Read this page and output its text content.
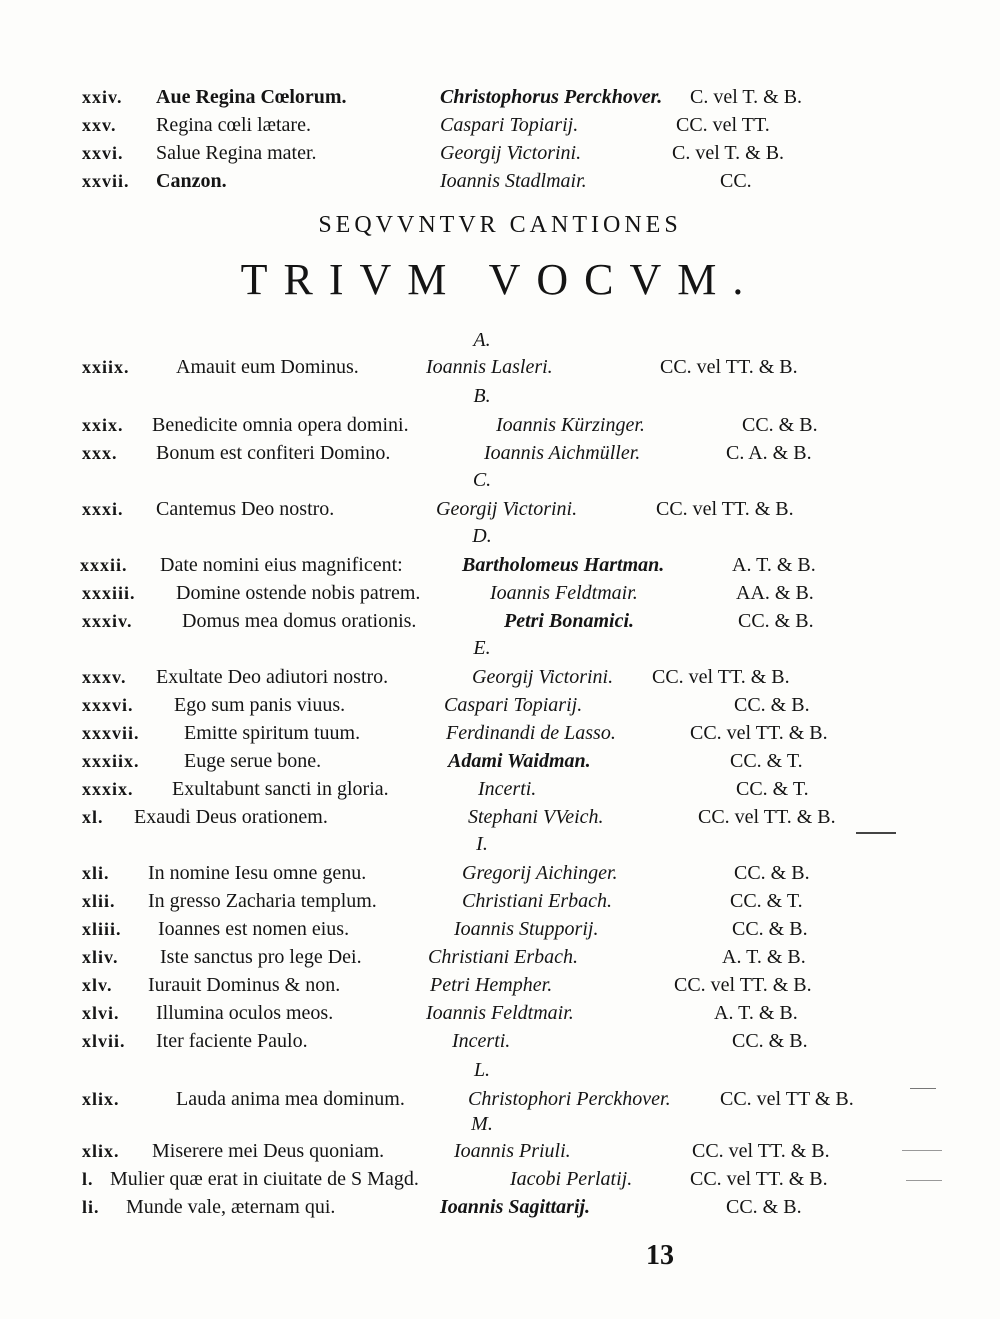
xxiv. Aue Regina Cœlorum.	Christophorus Perckhover. C. vel T. & B.
xxv. Regina cœli lætare.	Caspari Topiarij.	CC. vel TT.
xxvi. Salue Regina mater.	Georgij Victorini.	C. vel T. & B.
xxvii. Canzon.	Ioannis Stadlmair.	CC.
SEQVVNTVR CANTIONES
TRIVM VOCVM.
A.
xxiix. Amauit eum Dominus.	Ioannis Lasleri.	CC. vel TT. & B.
B.
xxix. Benedicite omnia opera domini.	Ioannis Kürzinger.	CC. & B.
xxx. Bonum est confiteri Domino.	Ioannis Aichmüller.	C. A. & B.
C.
xxxi. Cantemus Deo nostro.	Georgij Victorini.	CC. vel TT. & B.
D.
xxxii. Date nomini eius magnificent:	Bartholomeus Hartman.	A. T. & B.
xxxiii. Domine ostende nobis patrem.	Ioannis Feldtmair.	AA. & B.
xxxiv. Domus mea domus orationis.	Petri Bonamici.	CC. & B.
E.
xxxv. Exultate Deo adiutori nostro.	Georgij Victorini. CC. vel TT. & B.
xxxvi. Ego sum panis viuus.	Caspari Topiarij.	CC. & B.
xxxvii. Emitte spiritum tuum.	Ferdinandi de Lasso.	CC. vel TT. & B.
xxxiix. Euge serue bone.	Adami Waidman.	CC. & T.
xxxix. Exultabunt sancti in gloria.	Incerti.	CC. & T.
xl. Exaudi Deus orationem.	Stephani VVeich.	CC. vel TT. & B.
I.
xli. In nomine Iesu omne genu.	Gregorij Aichinger.	CC. & B.
xlii. In gresso Zacharia templum.	Christiani Erbach.	CC. & T.
xliii. Ioannes est nomen eius.	Ioannis Stupporij.	CC. & B.
xliv. Iste sanctus pro lege Dei.	Christiani Erbach.	A. T. & B.
xlv. Iurauit Dominus & non.	Petri Hempher.	CC. vel TT. & B.
xlvi. Illumina oculos meos.	Ioannis Feldtmair.	A. T. & B.
xlvii. Iter faciente Paulo.	Incerti.	CC. & B.
L.
xlix.	Lauda anima mea dominum.	Christophori Perckhover. CC. vel TT & B.
M.
xlix. Miserere mei Deus quoniam.	Ioannis Priuli.	CC. vel TT. & B.
l. Mulier quæ erat in ciuitate de S Magd.	Iacobi Perlatij.	CC. vel TT. & B.
li. Munde vale, æternam qui.	Ioannis Sagittarij.	CC. & B.
13
